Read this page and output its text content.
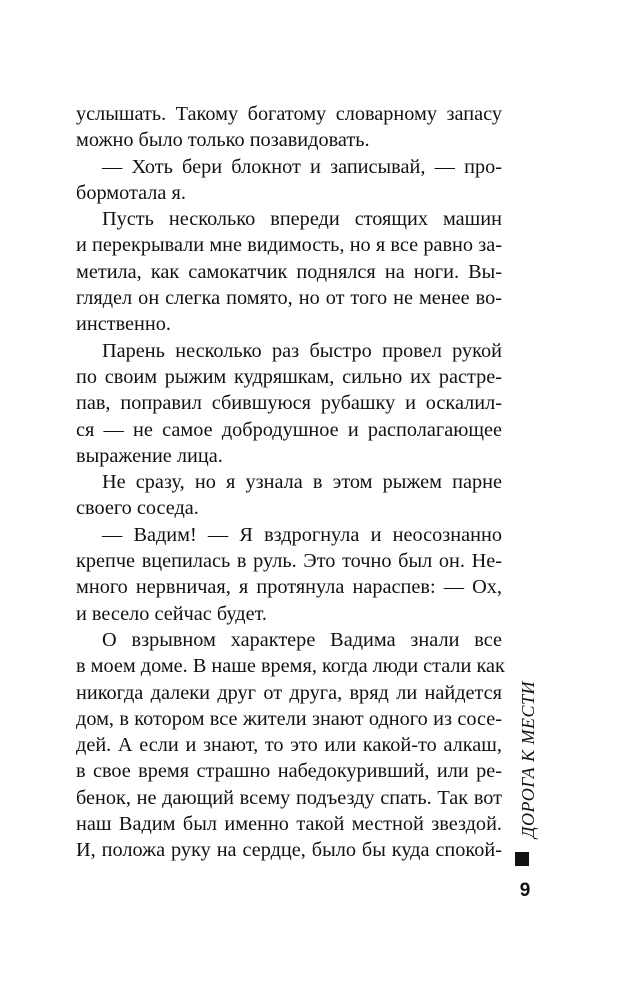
услышать. Такому богатому словарному запасу
можно было только позавидовать.
— Хоть бери блокнот и записывай, — про-
бормотала я.
Пусть несколько впереди стоящих машин
и перекрывали мне видимость, но я все равно за-
метила, как самокатчик поднялся на ноги. Вы-
глядел он слегка помято, но от того не менее во-
инственно.
Парень несколько раз быстро провел рукой
по своим рыжим кудряшкам, сильно их растре-
пав, поправил сбившуюся рубашку и оскалил-
ся — не самое добродушное и располагающее
выражение лица.
Не сразу, но я узнала в этом рыжем парне
своего соседа.
— Вадим! — Я вздрогнула и неосознанно
крепче вцепилась в руль. Это точно был он. Не-
много нервничая, я протянула нараспев: — Ох,
и весело сейчас будет.
О взрывном характере Вадима знали все
в моем доме. В наше время, когда люди стали как
никогда далеки друг от друга, вряд ли найдется
дом, в котором все жители знают одного из сосе-
дей. А если и знают, то это или какой-то алкаш,
в свое время страшно набедокуривший, или ре-
бенок, не дающий всему подъезду спать. Так вот
наш Вадим был именно такой местной звездой.
И, положа руку на сердце, было бы куда спокой-
ДОРОГА К МЕСТИ
9
